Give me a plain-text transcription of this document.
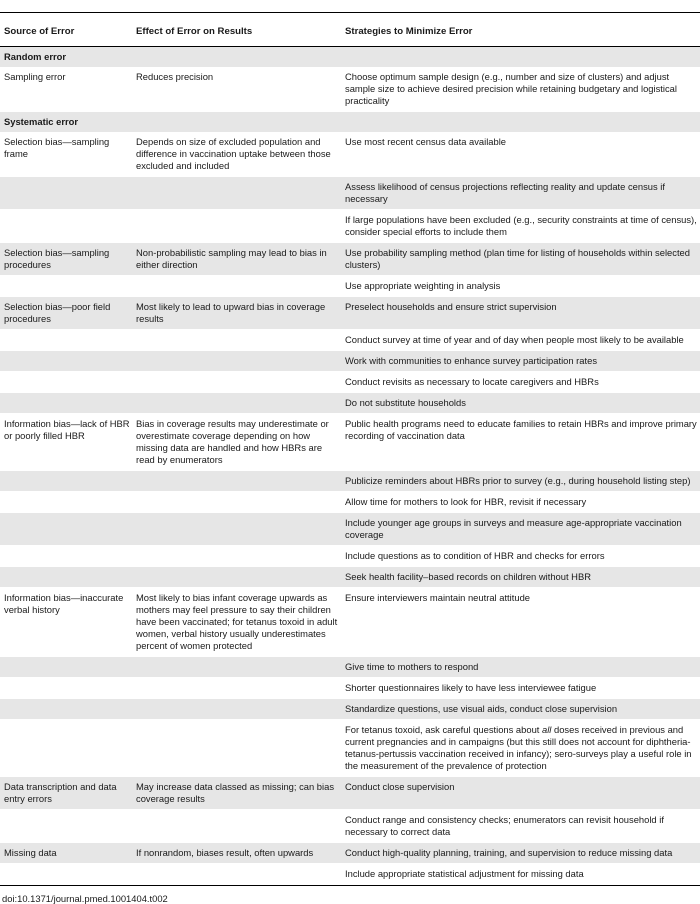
Source of Error	Effect of Error on Results	Strategies to Minimize Error
Random error		
Sampling error	Reduces precision	Choose optimum sample design (e.g., number and size of clusters) and adjust sample size to achieve desired precision while retaining budgetary and logistical practicality
Systematic error		
Selection bias—sampling frame	Depends on size of excluded population and difference in vaccination uptake between those excluded and included	Use most recent census data available
		Assess likelihood of census projections reflecting reality and update census if necessary
		If large populations have been excluded (e.g., security constraints at time of census), consider special efforts to include them
Selection bias—sampling procedures	Non-probabilistic sampling may lead to bias in either direction	Use probability sampling method (plan time for listing of households within selected clusters)
		Use appropriate weighting in analysis
Selection bias—poor field procedures	Most likely to lead to upward bias in coverage results	Preselect households and ensure strict supervision
		Conduct survey at time of year and of day when people most likely to be available
		Work with communities to enhance survey participation rates
		Conduct revisits as necessary to locate caregivers and HBRs
		Do not substitute households
Information bias—lack of HBR or poorly filled HBR	Bias in coverage results may underestimate or overestimate coverage depending on how missing data are handled and how HBRs are read by enumerators	Public health programs need to educate families to retain HBRs and improve primary recording of vaccination data
		Publicize reminders about HBRs prior to survey (e.g., during household listing step)
		Allow time for mothers to look for HBR, revisit if necessary
		Include younger age groups in surveys and measure age-appropriate vaccination coverage
		Include questions as to condition of HBR and checks for errors
		Seek health facility–based records on children without HBR
Information bias—inaccurate verbal history	Most likely to bias infant coverage upwards as mothers may feel pressure to say their children have been vaccinated; for tetanus toxoid in adult women, verbal history usually underestimates percent of women protected	Ensure interviewers maintain neutral attitude
		Give time to mothers to respond
		Shorter questionnaires likely to have less interviewee fatigue
		Standardize questions, use visual aids, conduct close supervision
		For tetanus toxoid, ask careful questions about all doses received in previous and current pregnancies and in campaigns (but this still does not account for diphtheria-tetanus-pertussis vaccination received in infancy); sero-surveys play a useful role in the measurement of the prevalence of protection
Data transcription and data entry errors	May increase data classed as missing; can bias coverage results	Conduct close supervision
		Conduct range and consistency checks; enumerators can revisit household if necessary to correct data
Missing data	If nonrandom, biases result, often upwards	Conduct high-quality planning, training, and supervision to reduce missing data
		Include appropriate statistical adjustment for missing data
doi:10.1371/journal.pmed.1001404.t002
